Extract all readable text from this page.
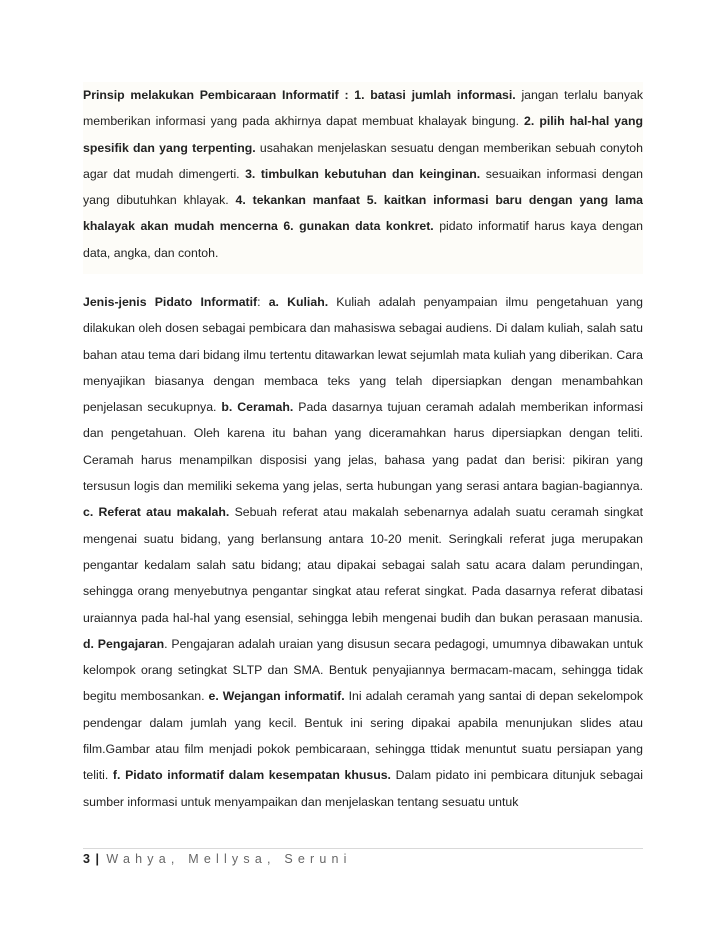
Prinsip melakukan Pembicaraan Informatif : 1. batasi jumlah informasi. jangan terlalu banyak memberikan informasi yang pada akhirnya dapat membuat khalayak bingung. 2. pilih hal-hal yang spesifik dan yang terpenting. usahakan menjelaskan sesuatu dengan memberikan sebuah conytoh agar dat mudah dimengerti. 3. timbulkan kebutuhan dan keinginan. sesuaikan informasi dengan yang dibutuhkan khlayak. 4. tekankan manfaat 5. kaitkan informasi baru dengan yang lama khalayak akan mudah mencerna 6. gunakan data konkret. pidato informatif harus kaya dengan data, angka, dan contoh.
Jenis-jenis Pidato Informatif: a. Kuliah. Kuliah adalah penyampaian ilmu pengetahuan yang dilakukan oleh dosen sebagai pembicara dan mahasiswa sebagai audiens. Di dalam kuliah, salah satu bahan atau tema dari bidang ilmu tertentu ditawarkan lewat sejumlah mata kuliah yang diberikan. Cara menyajikan biasanya dengan membaca teks yang telah dipersiapkan dengan menambahkan penjelasan secukupnya. b. Ceramah. Pada dasarnya tujuan ceramah adalah memberikan informasi dan pengetahuan. Oleh karena itu bahan yang diceramahkan harus dipersiapkan dengan teliti. Ceramah harus menampilkan disposisi yang jelas, bahasa yang padat dan berisi: pikiran yang tersusun logis dan memiliki sekema yang jelas, serta hubungan yang serasi antara bagian-bagiannya. c. Referat atau makalah. Sebuah referat atau makalah sebenarnya adalah suatu ceramah singkat mengenai suatu bidang, yang berlansung antara 10-20 menit. Seringkali referat juga merupakan pengantar kedalam salah satu bidang; atau dipakai sebagai salah satu acara dalam perundingan, sehingga orang menyebutnya pengantar singkat atau referat singkat. Pada dasarnya referat dibatasi uraiannya pada hal-hal yang esensial, sehingga lebih mengenai budih dan bukan perasaan manusia. d. Pengajaran. Pengajaran adalah uraian yang disusun secara pedagogi, umumnya dibawakan untuk kelompok orang setingkat SLTP dan SMA. Bentuk penyajiannya bermacam-macam, sehingga tidak begitu membosankan. e. Wejangan informatif. Ini adalah ceramah yang santai di depan sekelompok pendengar dalam jumlah yang kecil. Bentuk ini sering dipakai apabila menunjukan slides atau film.Gambar atau film menjadi pokok pembicaraan, sehingga ttidak menuntut suatu persiapan yang teliti. f. Pidato informatif dalam kesempatan khusus. Dalam pidato ini pembicara ditunjuk sebagai sumber informasi untuk menyampaikan dan menjelaskan tentang sesuatu untuk
3 | Wahya, Mellysa, Seruni
